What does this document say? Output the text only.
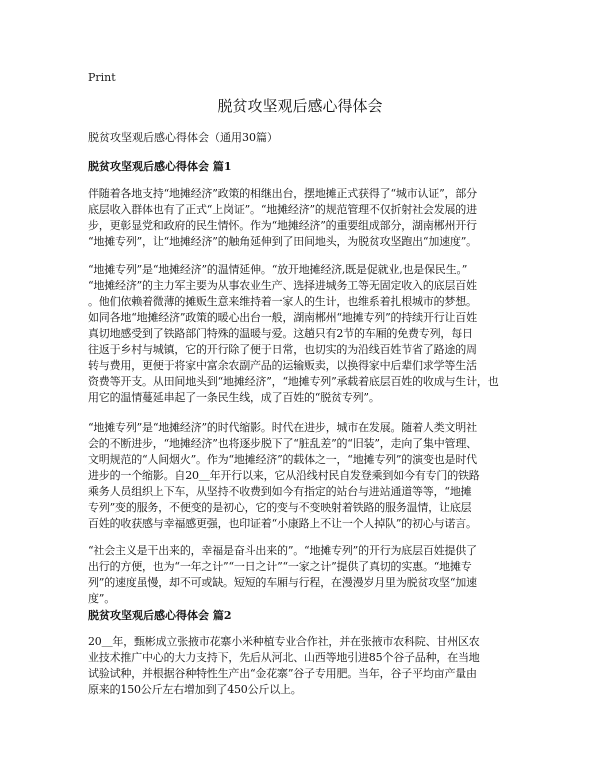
Print
脱贫攻坚观后感心得体会
脱贫攻坚观后感心得体会（通用30篇）
脱贫攻坚观后感心得体会 篇1
伴随着各地支持“地摊经济”政策的相继出台，摆地摊正式获得了“城市认证”，部分
底层收入群体也有了正式“上岗证”。“地摊经济”的规范管理不仅折射社会发展的进
步，更彰显党和政府的民生情怀。作为“地摊经济”的重要组成部分，湖南郴州开行
“地摊专列”，让“地摊经济”的触角延伸到了田间地头，为脱贫攻坚跑出“加速度”。
“地摊专列”是“地摊经济”的温情延伸。“放开地摊经济,既是促就业,也是保民生。”
“地摊经济”的主力军主要为从事农业生产、选择进城务工等无固定收入的底层百姓
。他们依赖着微薄的摊贩生意来维持着一家人的生计，也维系着扎根城市的梦想。
如同各地“地摊经济”政策的暖心出台一般，湖南郴州“地摊专列”的持续开行让百姓
真切地感受到了铁路部门特殊的温暖与爱。这趟只有2节的车厢的免费专列，每日
往返于乡村与城镇，它的开行除了便于日常，也切实的为沿线百姓节省了路途的周
转与费用，更便于将家中富余农副产品的运输贩卖，以换得家中后辈们求学等生活
资费等开支。从田间地头到“地摊经济”，“地摊专列”承载着底层百姓的收成与生计，也
用它的温情蔓延串起了一条民生线，成了百姓的“脱贫专列”。
“地摊专列”是“地摊经济”的时代缩影。时代在进步，城市在发展。随着人类文明社
会的不断进步，“地摊经济”也将逐步脱下了“脏乱差”的“旧装”，走向了集中管理、
文明规范的“人间烟火”。作为“地摊经济”的载体之一，“地摊专列”的演变也是时代
进步的一个缩影。自20＿年开行以来，它从沿线村民自发登乘到如今有专门的铁路
乘务人员组织上下车，从坚持不收费到如今有指定的站台与进站通道等等，“地摊
专列”变的服务，不便变的是初心，它的变与不变映射着铁路的服务温情，让底层
百姓的收获感与幸福感更强，也印证着“小康路上不让一个人掉队”的初心与诺言。
“社会主义是干出来的，幸福是奋斗出来的”。“地摊专列”的开行为底层百姓提供了
出行的方便，也为“一年之计”“一日之计”“一家之计”提供了真切的实惠。“地摊专
列”的速度虽慢，却不可或缺。短短的车厢与行程，在漫漫岁月里为脱贫攻坚“加速
度”。
脱贫攻坚观后感心得体会 篇2
20＿年，甄彬成立张掖市花寨小米种植专业合作社，并在张掖市农科院、甘州区农
业技术推广中心的大力支持下，先后从河北、山西等地引进85个谷子品种，在当地
试验试种，并根据谷种特性生产出“金花寨”谷子专用肥。当年，谷子平均亩产量由
原来的150公斤左右增加到了450公斤以上。
